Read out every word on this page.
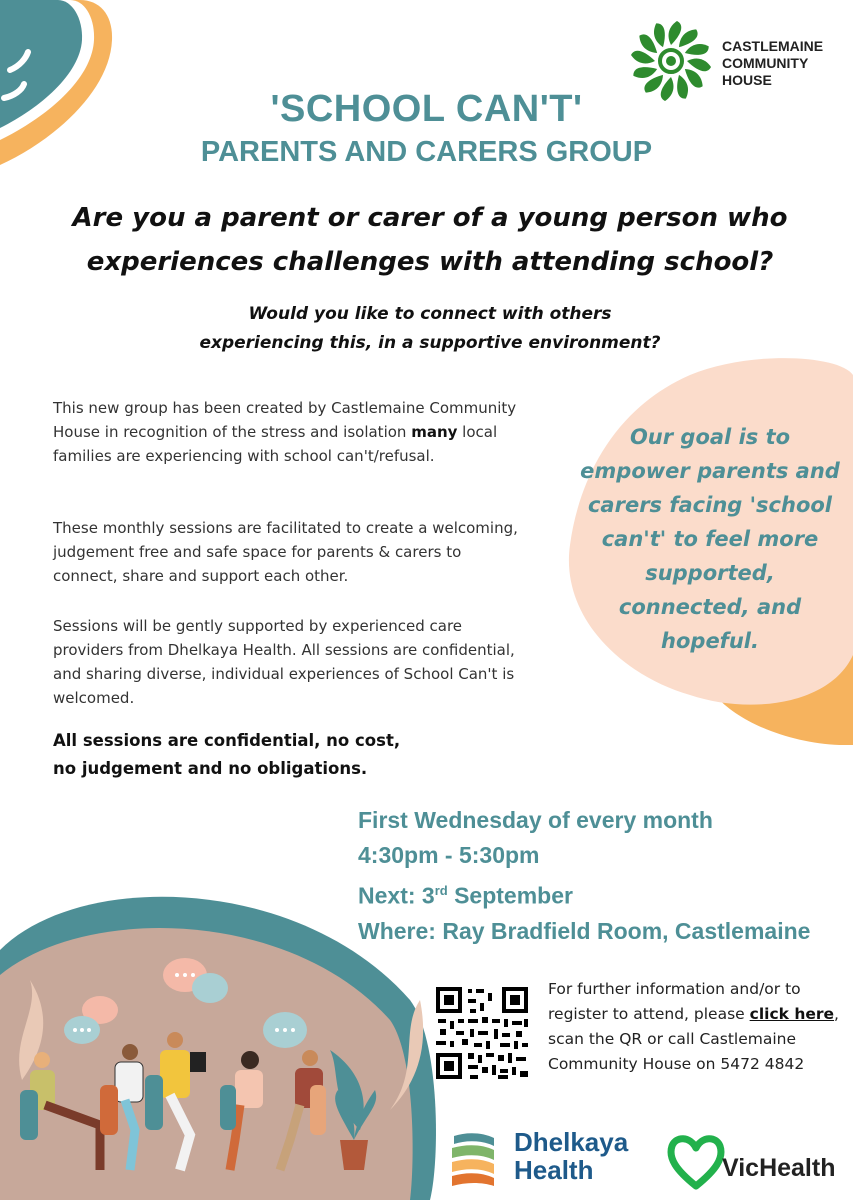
CASTLEMAINE
COMMUNITY
HOUSE
'SCHOOL CAN'T'
PARENTS AND CARERS GROUP
Are you a parent or carer of a young person who
experiences challenges with attending school?
Would you like to connect with others
experiencing this, in a supportive environment?
Our goal is to empower parents and carers facing 'school can't' to feel more supported, connected, and hopeful.
This new group has been created by Castlemaine Community House in recognition of the stress and isolation many local families are experiencing with school can't/refusal.
These monthly sessions are facilitated to create a welcoming, judgement free and safe space for parents & carers to connect, share and support each other.
Sessions will be gently supported by experienced care providers from Dhelkaya Health. All sessions are confidential, and sharing diverse, individual experiences of School Can't is welcomed.
All sessions are confidential, no cost,
no judgement and no obligations.
First Wednesday of every month
4:30pm - 5:30pm
Next: 3rd September
Where: Ray Bradfield Room, Castlemaine
For further information and/or to register to attend, please click here, scan the QR or call Castlemaine Community House on 5472 4842
Dhelkaya
Health	VicHealth
